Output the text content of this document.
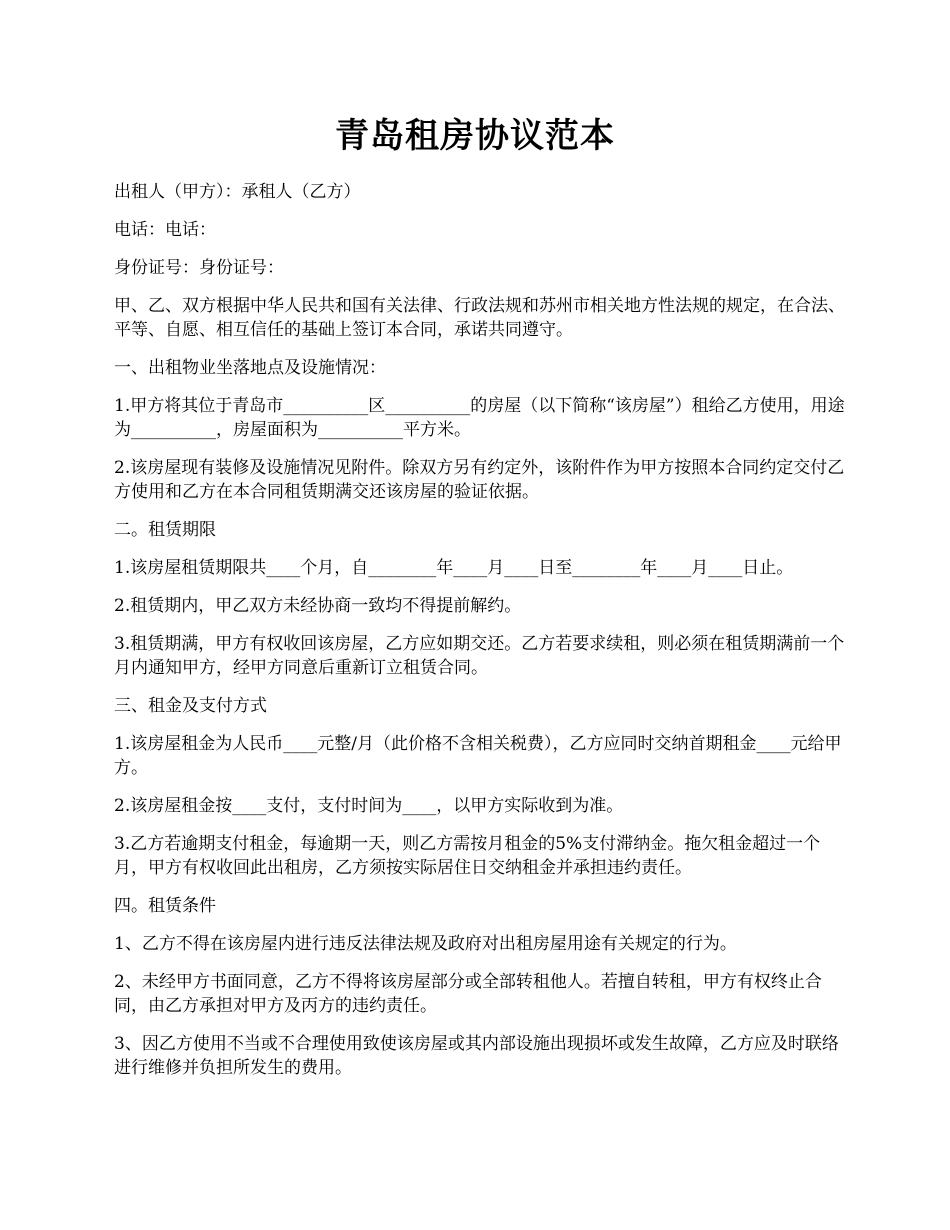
青岛租房协议范本

出租人（甲方）：承租人（乙方）

电话：电话：

身份证号：身份证号：

甲、乙、双方根据中华人民共和国有关法律、行政法规和苏州市相关地方性法规的规定，在合法、平等、自愿、相互信任的基础上签订本合同，承诺共同遵守。

一、出租物业坐落地点及设施情况：

1.甲方将其位于青岛市__________区__________的房屋（以下简称“该房屋”）租给乙方使用，用途为__________，房屋面积为__________平方米。

2.该房屋现有装修及设施情况见附件。除双方另有约定外，该附件作为甲方按照本合同约定交付乙方使用和乙方在本合同租赁期满交还该房屋的验证依据。

二。租赁期限

1.该房屋租赁期限共____个月，自________年____月____日至________年____月____日止。

2.租赁期内，甲乙双方未经协商一致均不得提前解约。

3.租赁期满，甲方有权收回该房屋，乙方应如期交还。乙方若要求续租，则必须在租赁期满前一个月内通知甲方，经甲方同意后重新订立租赁合同。

三、租金及支付方式

1.该房屋租金为人民币____元整/月（此价格不含相关税费），乙方应同时交纳首期租金____元给甲方。

2.该房屋租金按____支付，支付时间为____，以甲方实际收到为准。

3.乙方若逾期支付租金，每逾期一天，则乙方需按月租金的5%支付滞纳金。拖欠租金超过一个月，甲方有权收回此出租房，乙方须按实际居住日交纳租金并承担违约责任。

四。租赁条件

1、乙方不得在该房屋内进行违反法律法规及政府对出租房屋用途有关规定的行为。

2、未经甲方书面同意，乙方不得将该房屋部分或全部转租他人。若擅自转租，甲方有权终止合同，由乙方承担对甲方及丙方的违约责任。

3、因乙方使用不当或不合理使用致使该房屋或其内部设施出现损坏或发生故障，乙方应及时联络进行维修并负担所发生的费用。
